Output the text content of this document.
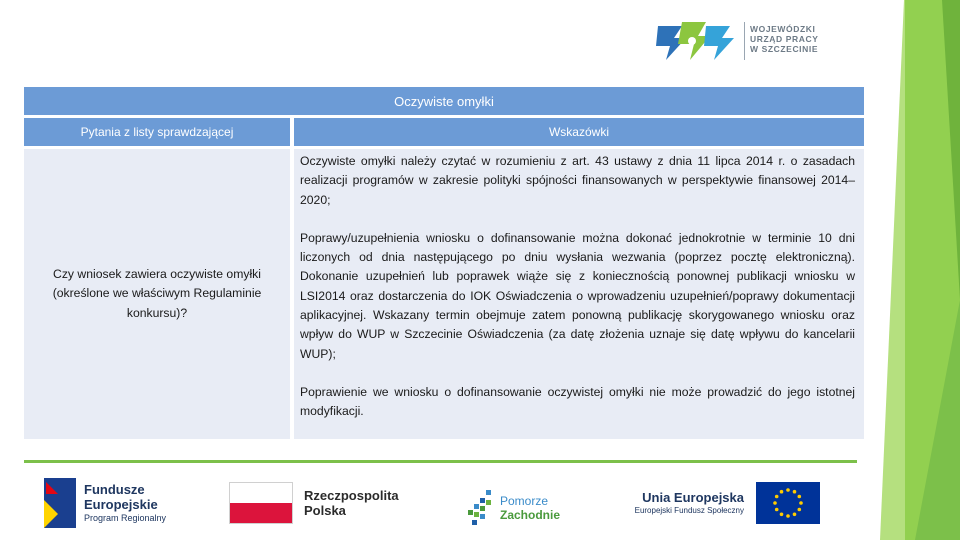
WOJEWÓDZKI
URZĄD PRACY
W SZCZECINIE
Oczywiste omyłki
Pytania z listy sprawdzającej	Wskazówki
Czy wniosek zawiera oczywiste omyłki (określone we właściwym Regulaminie konkursu)?

Oczywiste omyłki należy czytać w rozumieniu z art. 43 ustawy z dnia 11 lipca 2014 r. o zasadach realizacji programów w zakresie polityki spójności finansowanych w perspektywie finansowej 2014–2020;

Poprawy/uzupełnienia wniosku o dofinansowanie można dokonać jednokrotnie w terminie 10 dni liczonych od dnia następującego po dniu wysłania wezwania (poprzez pocztę elektroniczną). Dokonanie uzupełnień lub poprawek wiąże się z koniecznością ponownej publikacji wniosku w LSI2014 oraz dostarczenia do IOK Oświadczenia o wprowadzeniu uzupełnień/poprawy dokumentacji aplikacyjnej. Wskazany termin obejmuje zatem ponowną publikację skorygowanego wniosku oraz wpływ do WUP w Szczecinie Oświadczenia (za datę złożenia uznaje się datę wpływu do kancelarii WUP);

Poprawienie we wniosku o dofinansowanie oczywistej omyłki nie może prowadzić do jego istotnej modyfikacji.

Fundusze
Europejskie
Program Regionalny
Rzeczpospolita
Polska
Pomorze
Zachodnie
Unia Europejska
Europejski Fundusz Społeczny
